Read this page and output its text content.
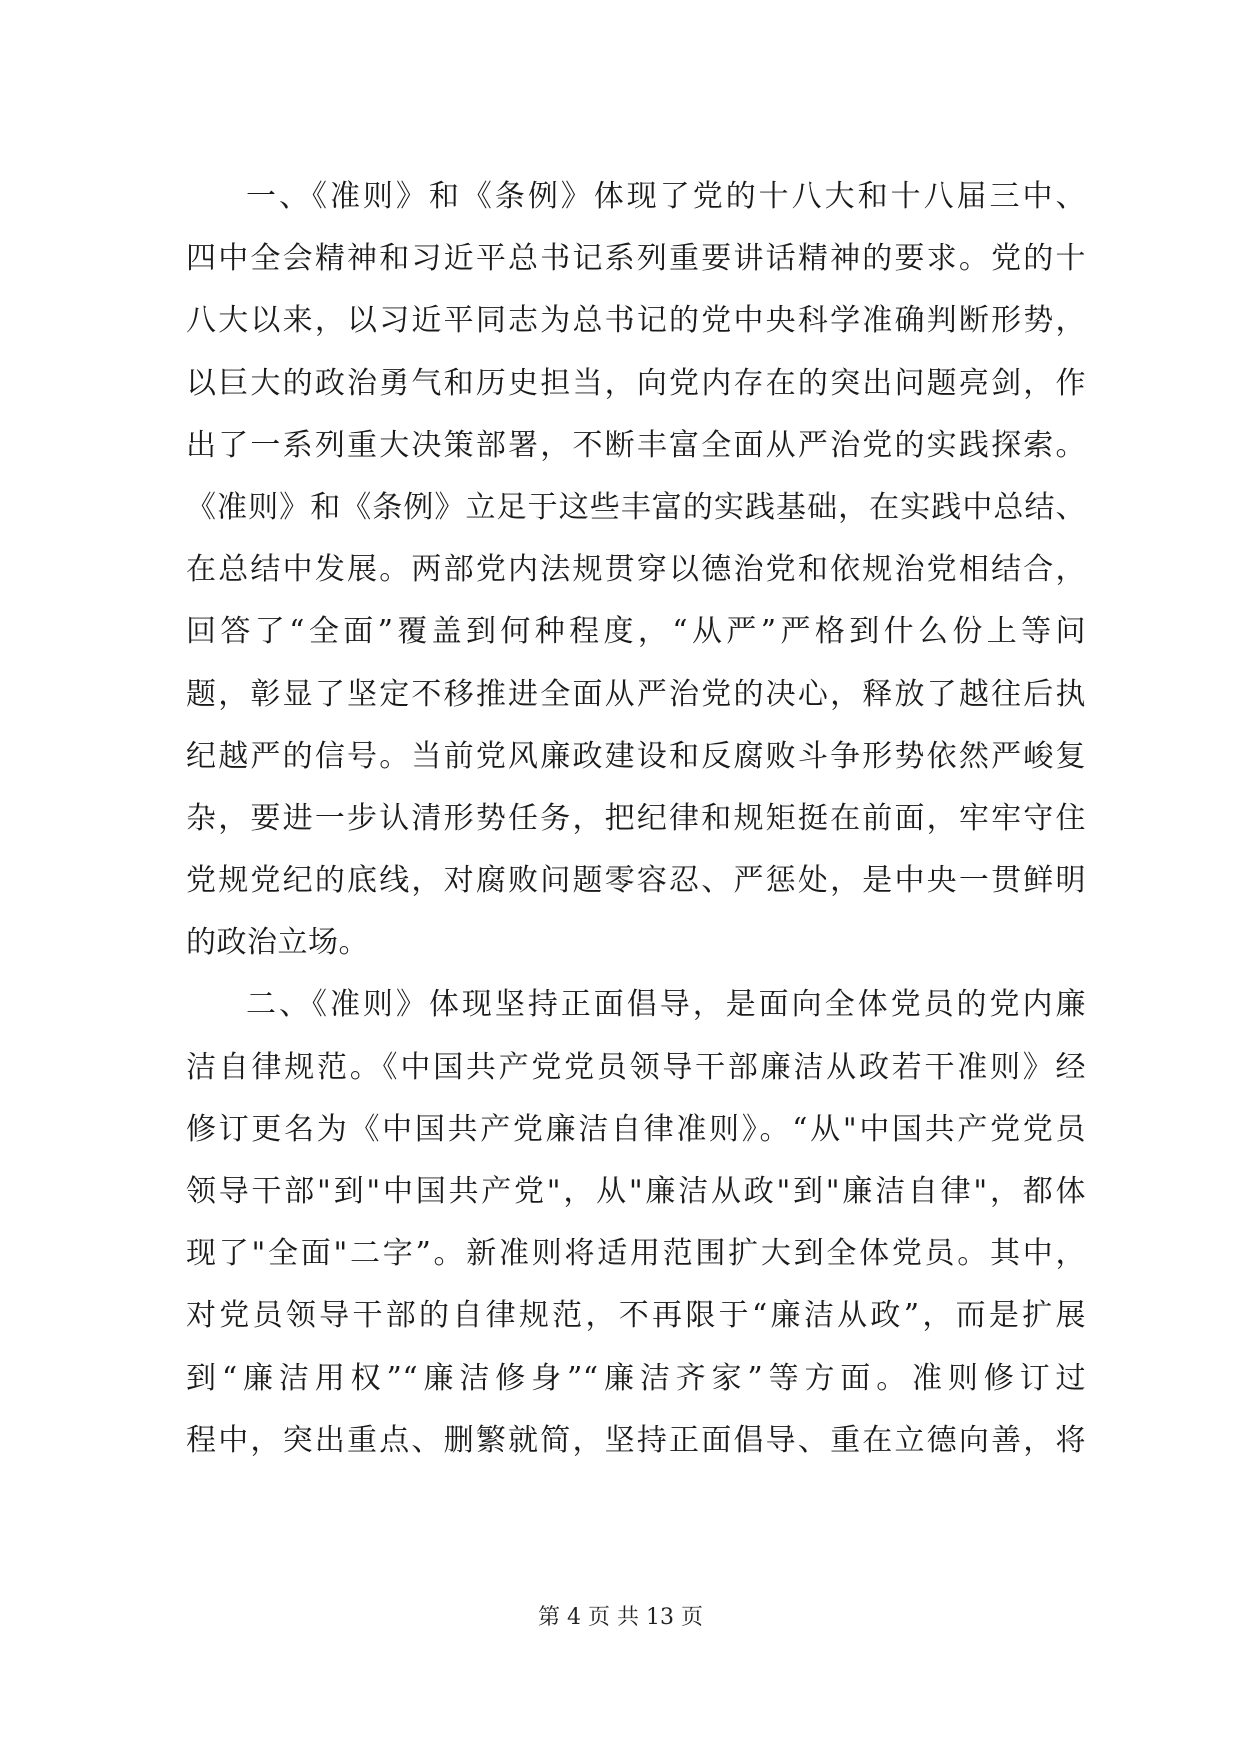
一、《准则》和《条例》体现了党的十八大和十八届三中、
四中全会精神和习近平总书记系列重要讲话精神的要求。党的十
八大以来，以习近平同志为总书记的党中央科学准确判断形势，
以巨大的政治勇气和历史担当，向党内存在的突出问题亮剑，作
出了一系列重大决策部署，不断丰富全面从严治党的实践探索。
《准则》和《条例》立足于这些丰富的实践基础，在实践中总结、
在总结中发展。两部党内法规贯穿以德治党和依规治党相结合，
回答了“全面”覆盖到何种程度，“从严”严格到什么份上等问
题，彰显了坚定不移推进全面从严治党的决心，释放了越往后执
纪越严的信号。当前党风廉政建设和反腐败斗争形势依然严峻复
杂，要进一步认清形势任务，把纪律和规矩挺在前面，牢牢守住
党规党纪的底线，对腐败问题零容忍、严惩处，是中央一贯鲜明
的政治立场。
二、《准则》体现坚持正面倡导，是面向全体党员的党内廉
洁自律规范。《中国共产党党员领导干部廉洁从政若干准则》经
修订更名为《中国共产党廉洁自律准则》。“从"中国共产党党员
领导干部"到"中国共产党"，从"廉洁从政"到"廉洁自律"，都体
现了"全面"二字”。新准则将适用范围扩大到全体党员。其中，
对党员领导干部的自律规范，不再限于“廉洁从政”，而是扩展
到“廉洁用权”“廉洁修身”“廉洁齐家”等方面。准则修订过
程中，突出重点、删繁就简，坚持正面倡导、重在立德向善，将
第 4 页 共 13 页
